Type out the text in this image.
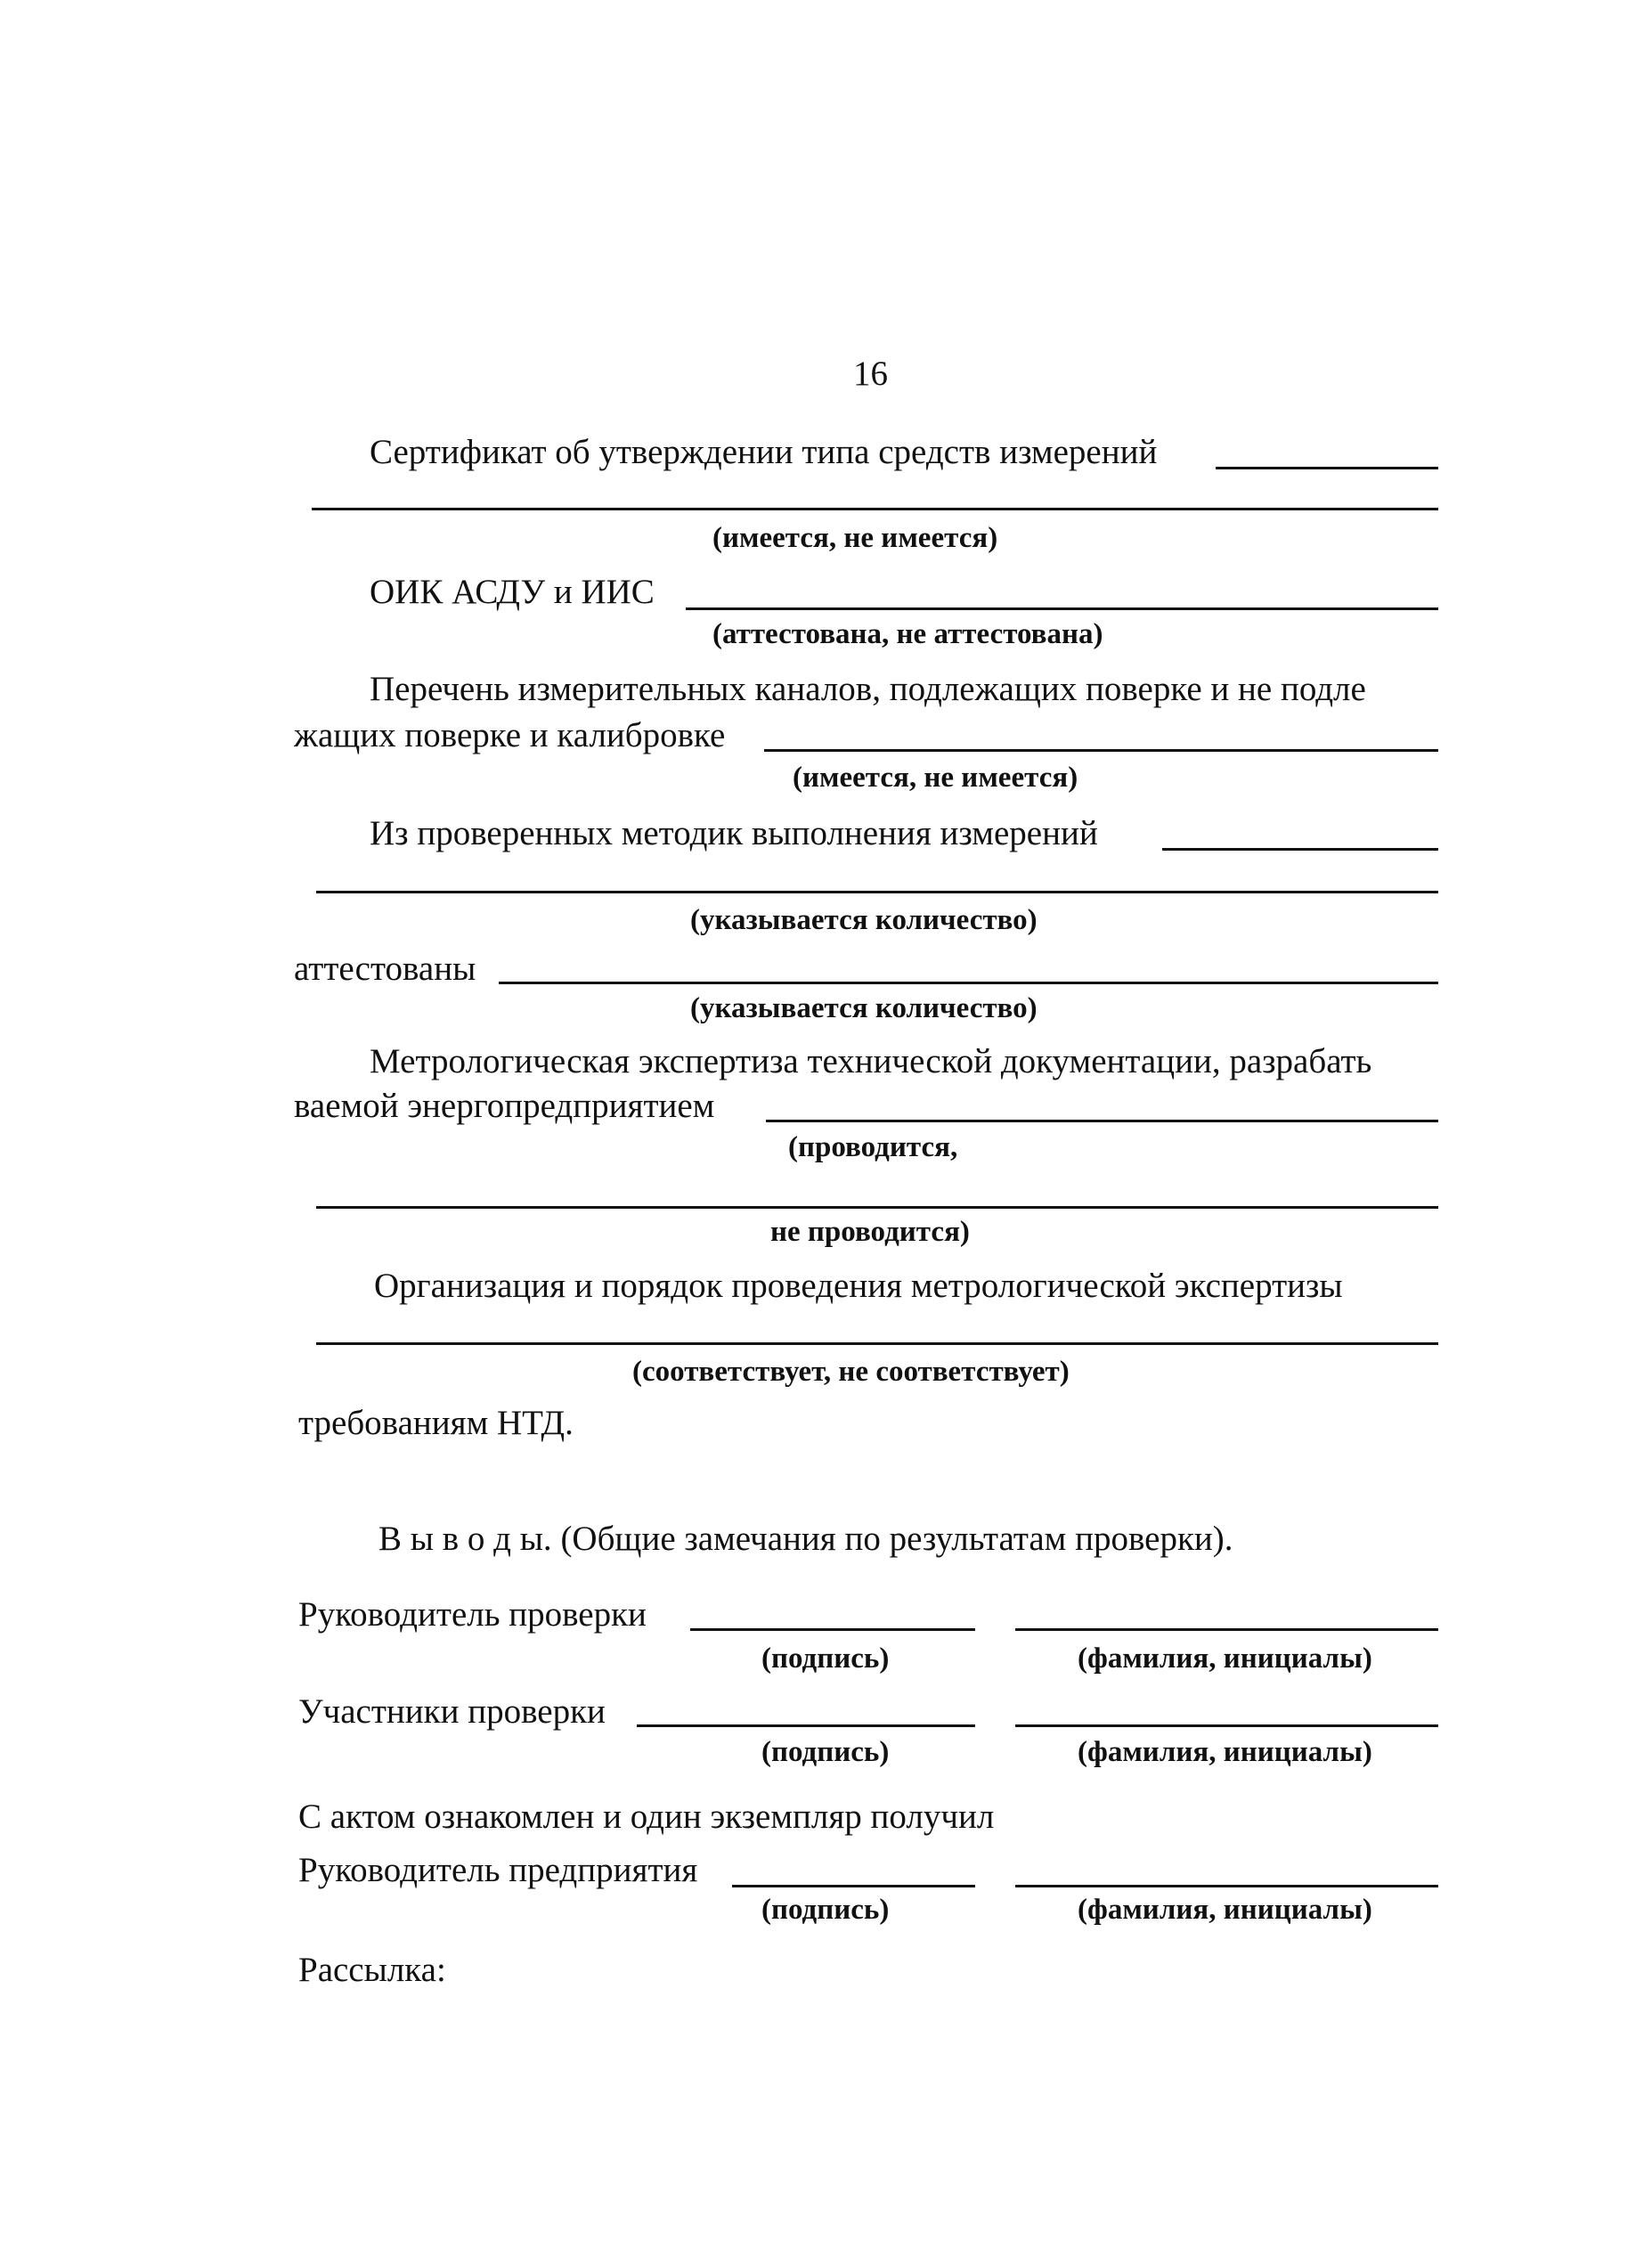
16
Сертификат об утверждении типа средств измерений
(имеется, не имеется)
ОИК АСДУ и ИИС
(аттестована, не аттестована)
Перечень измерительных каналов, подлежащих поверке и не подле
жащих поверке и калибровке
(имеется, не имеется)
Из проверенных методик выполнения измерений
(указывается количество)
аттестованы
(указывается количество)
Метрологическая экспертиза технической документации, разрабать
ваемой энергопредприятием
(проводится,
не проводится)
Организация и порядок проведения метрологической экспертизы
(соответствует, не соответствует)
требованиям НТД.
В ы в о д ы. (Общие замечания по результатам проверки).
Руководитель проверки
(подпись)	(фамилия, инициалы)
Участники проверки
(подпись)	(фамилия, инициалы)
С актом ознакомлен и один экземпляр получил
Руководитель предприятия
(подпись)	(фамилия, инициалы)
Рассылка:
